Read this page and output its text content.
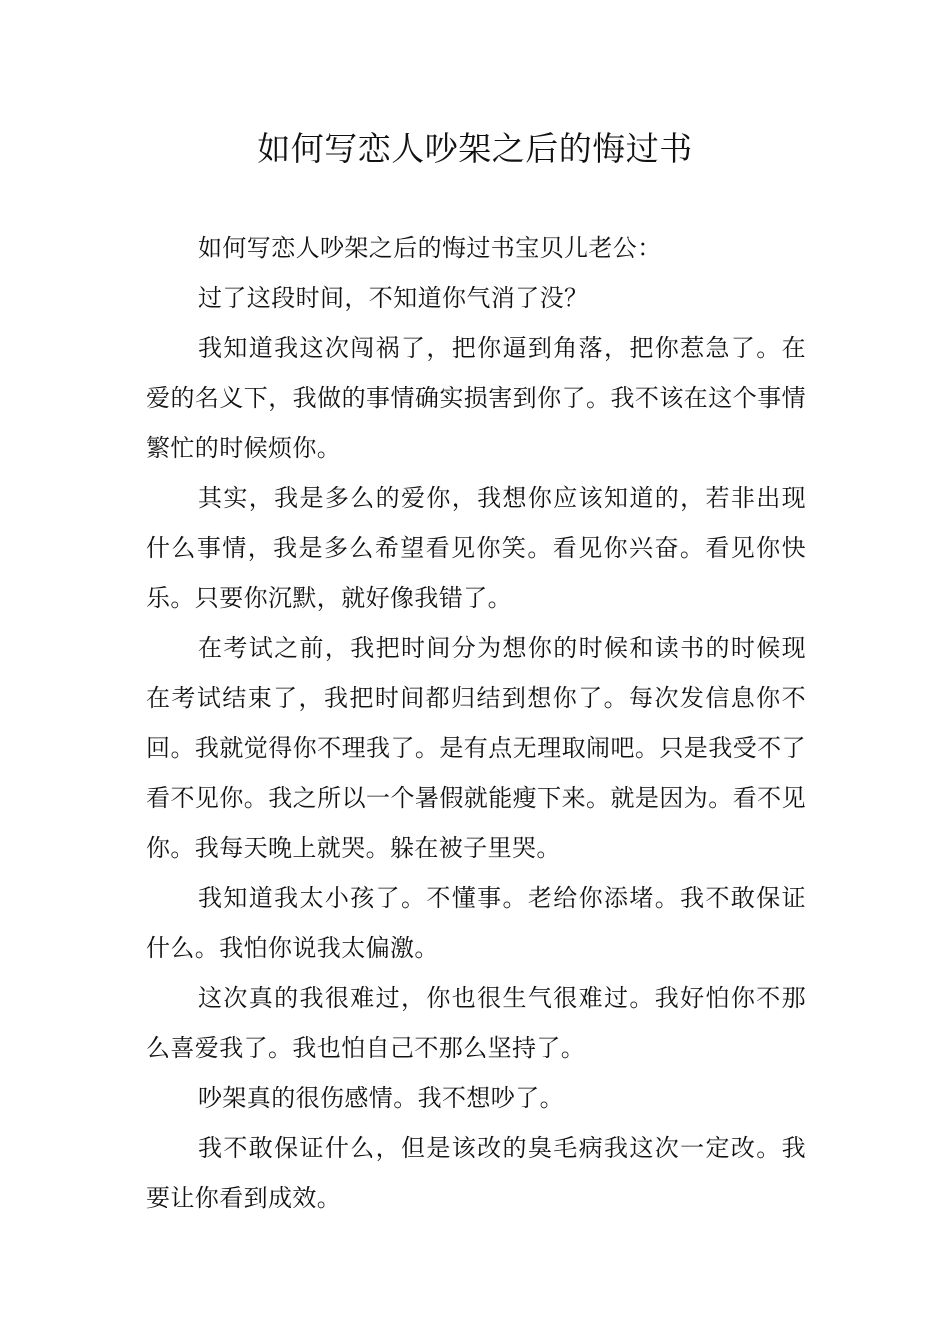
如何写恋人吵架之后的悔过书

如何写恋人吵架之后的悔过书宝贝儿老公：

过了这段时间，不知道你气消了没？

我知道我这次闯祸了，把你逼到角落，把你惹急了。在爱的名义下，我做的事情确实损害到你了。我不该在这个事情繁忙的时候烦你。

其实，我是多么的爱你，我想你应该知道的，若非出现什么事情，我是多么希望看见你笑。看见你兴奋。看见你快乐。只要你沉默，就好像我错了。

在考试之前，我把时间分为想你的时候和读书的时候现在考试结束了，我把时间都归结到想你了。每次发信息你不回。我就觉得你不理我了。是有点无理取闹吧。只是我受不了看不见你。我之所以一个暑假就能瘦下来。就是因为。看不见你。我每天晚上就哭。躲在被子里哭。

我知道我太小孩了。不懂事。老给你添堵。我不敢保证什么。我怕你说我太偏激。

这次真的我很难过，你也很生气很难过。我好怕你不那么喜爱我了。我也怕自己不那么坚持了。

吵架真的很伤感情。我不想吵了。

我不敢保证什么，但是该改的臭毛病我这次一定改。我要让你看到成效。
